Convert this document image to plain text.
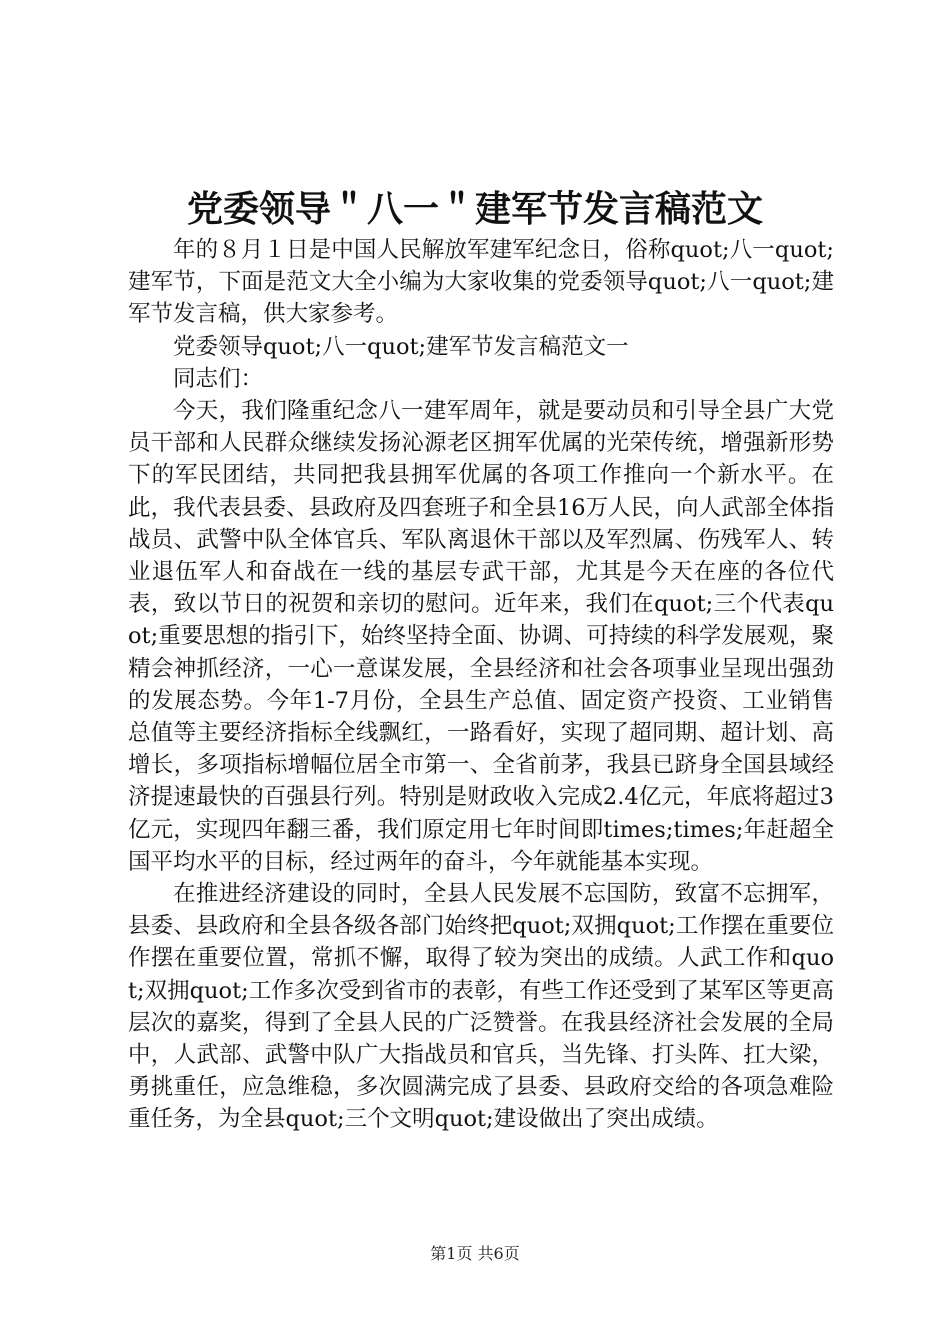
党委领导＂八一＂建军节发言稿范文

年的８月１日是中国人民解放军建军纪念日，俗称quot;八一quot;建军节，下面是范文大全小编为大家收集的党委领导quot;八一quot;建军节发言稿，供大家参考。

党委领导quot;八一quot;建军节发言稿范文一

同志们：

今天，我们隆重纪念八一建军周年，就是要动员和引导全县广大党员干部和人民群众继续发扬沁源老区拥军优属的光荣传统，增强新形势下的军民团结，共同把我县拥军优属的各项工作推向一个新水平。在此，我代表县委、县政府及四套班子和全县16万人民，向人武部全体指战员、武警中队全体官兵、军队离退休干部以及军烈属、伤残军人、转业退伍军人和奋战在一线的基层专武干部，尤其是今天在座的各位代表，致以节日的祝贺和亲切的慰问。近年来，我们在quot;三个代表quot;重要思想的指引下，始终坚持全面、协调、可持续的科学发展观，聚精会神抓经济，一心一意谋发展，全县经济和社会各项事业呈现出强劲的发展态势。今年1-7月份，全县生产总值、固定资产投资、工业销售总值等主要经济指标全线飘红，一路看好，实现了超同期、超计划、高增长，多项指标增幅位居全市第一、全省前茅，我县已跻身全国县域经济提速最快的百强县行列。特别是财政收入完成2.4亿元，年底将超过3亿元，实现四年翻三番，我们原定用七年时间即times;times;年赶超全国平均水平的目标，经过两年的奋斗，今年就能基本实现。

在推进经济建设的同时，全县人民发展不忘国防，致富不忘拥军，县委、县政府和全县各级各部门始终把quot;双拥quot;工作摆在重要位作摆在重要位置，常抓不懈，取得了较为突出的成绩。人武工作和quot;双拥quot;工作多次受到省市的表彰，有些工作还受到了某军区等更高层次的嘉奖，得到了全县人民的广泛赞誉。在我县经济社会发展的全局中，人武部、武警中队广大指战员和官兵，当先锋、打头阵、扛大梁，勇挑重任，应急维稳，多次圆满完成了县委、县政府交给的各项急难险重任务，为全县quot;三个文明quot;建设做出了突出成绩。

第1页 共6页
